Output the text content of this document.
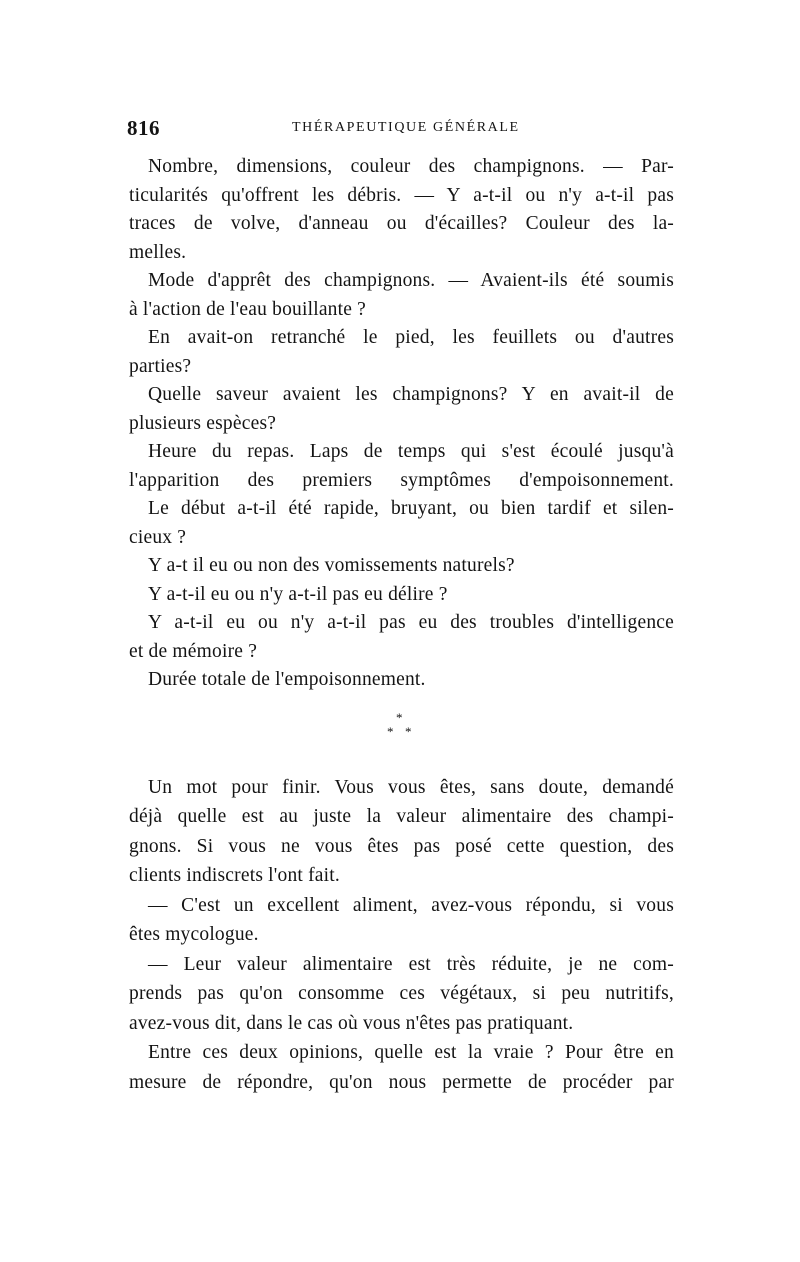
816	THÉRAPEUTIQUE GÉNÉRALE
Nombre, dimensions, couleur des champignons. — Par-
ticularités qu'offrent les débris. — Y a-t-il ou n'y a-t-il pas
traces de volve, d'anneau ou d'écailles? Couleur des la-
melles.
Mode d'apprêt des champignons. — Avaient-ils été soumis
à l'action de l'eau bouillante ?
En avait-on retranché le pied, les feuillets ou d'autres
parties?
Quelle saveur avaient les champignons? Y en avait-il de
plusieurs espèces?
Heure du repas. Laps de temps qui s'est écoulé jusqu'à
l'apparition des premiers symptômes d'empoisonnement.
Le début a-t-il été rapide, bruyant, ou bien tardif et silen-
cieux ?
Y a-t il eu ou non des vomissements naturels?
Y a-t-il eu ou n'y a-t-il pas eu délire ?
Y a-t-il eu ou n'y a-t-il pas eu des troubles d'intelligence
et de mémoire ?
Durée totale de l'empoisonnement.
*
* *
Un mot pour finir. Vous vous êtes, sans doute, demandé
déjà quelle est au juste la valeur alimentaire des champi-
gnons. Si vous ne vous êtes pas posé cette question, des
clients indiscrets l'ont fait.
— C'est un excellent aliment, avez-vous répondu, si vous
êtes mycologue.
— Leur valeur alimentaire est très réduite, je ne com-
prends pas qu'on consomme ces végétaux, si peu nutritifs,
avez-vous dit, dans le cas où vous n'êtes pas pratiquant.
Entre ces deux opinions, quelle est la vraie ? Pour être en
mesure de répondre, qu'on nous permette de procéder par
